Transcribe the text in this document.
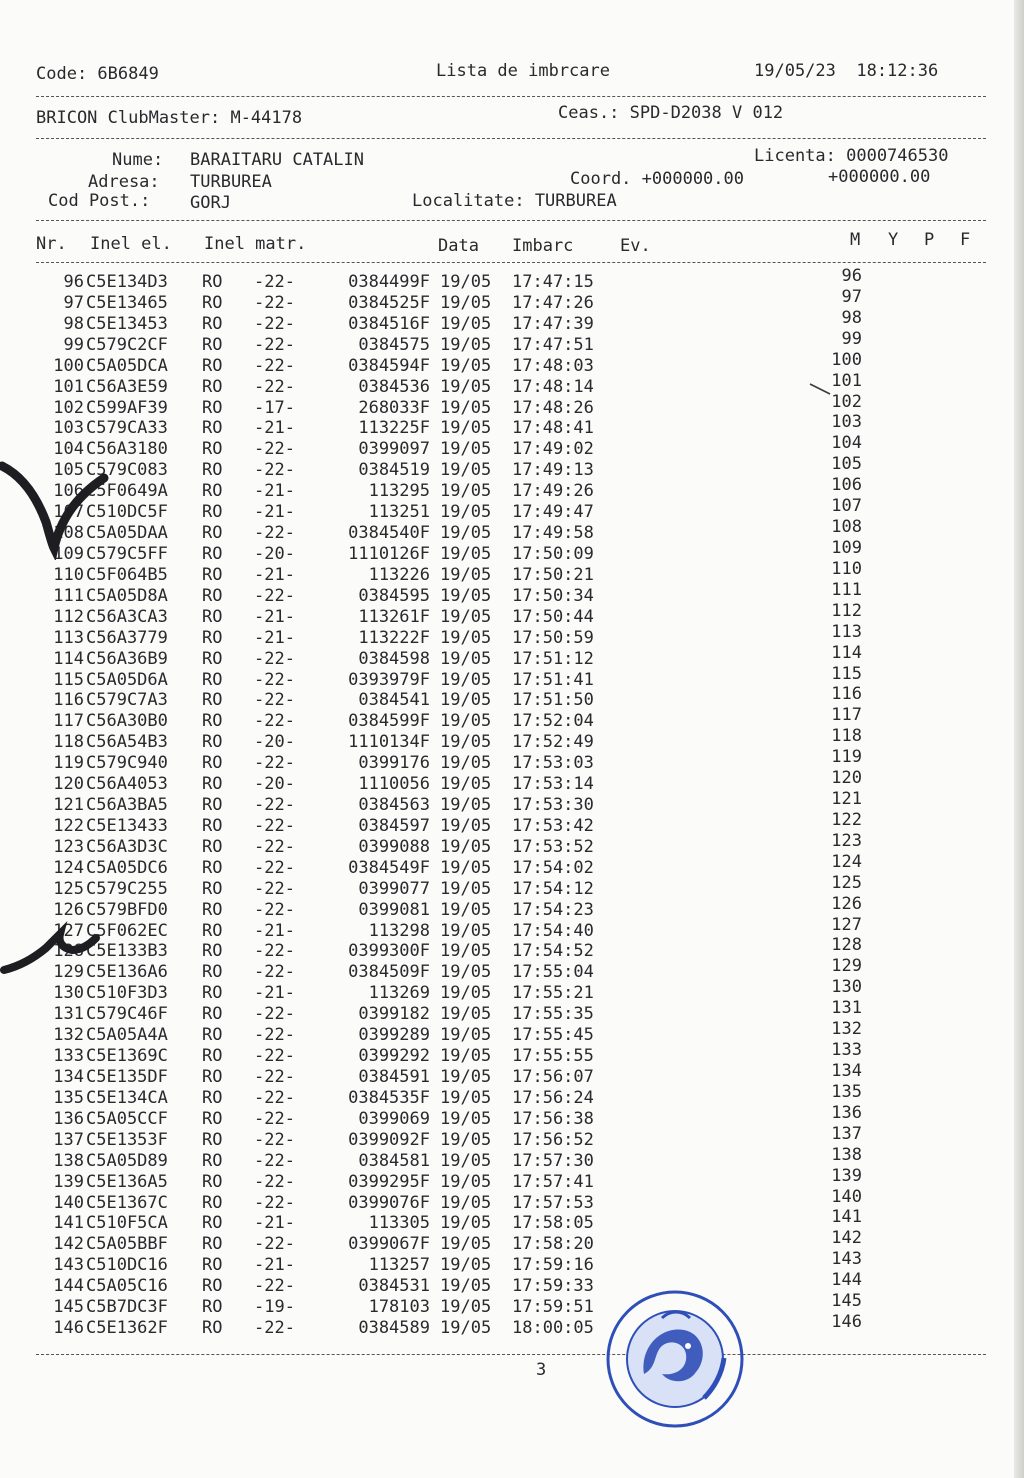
Code: 6B6849	Lista de imbrcare	19/05/23  18:12:36
BRICON ClubMaster: M-44178	Ceas.: SPD-D2038 V 012
Nume: BARAITARU CATALIN	Licenta: 0000746530
Adresa: TURBUREA	Coord. +000000.00	+000000.00
Cod Post.: GORJ	Localitate: TURBUREA
Nr. Inel el. Inel matr.	Data Imbarc	Ev.	M Y P F
96 C5E134D3 RO -22-	0384499F 19/05 17:47:15	96
97 C5E13465 RO -22-	0384525F 19/05 17:47:26	97
98 C5E13453 RO -22-	0384516F 19/05 17:47:39	98
99 C579C2CF RO -22-	0384575 19/05 17:47:51	99
100 C5A05DCA RO -22-	0384594F 19/05 17:48:03	100
101 C56A3E59 RO -22-	0384536 19/05 17:48:14	101
102 C599AF39 RO -17-	268033F 19/05 17:48:26	102
103 C579CA33 RO -21-	113225F 19/05 17:48:41	103
104 C56A3180 RO -22-	0399097 19/05 17:49:02	104
105 C579C083 RO -22-	0384519 19/05 17:49:13	105
106 C5F0649A RO -21-	113295 19/05 17:49:26	106
107 C510DC5F RO -21-	113251 19/05 17:49:47	107
108 C5A05DAA RO -22-	0384540F 19/05 17:49:58	108
109 C579C5FF RO -20-	1110126F 19/05 17:50:09	109
110 C5F064B5 RO -21-	113226 19/05 17:50:21	110
111 C5A05D8A RO -22-	0384595 19/05 17:50:34	111
112 C56A3CA3 RO -21-	113261F 19/05 17:50:44	112
113 C56A3779 RO -21-	113222F 19/05 17:50:59	113
114 C56A36B9 RO -22-	0384598 19/05 17:51:12	114
115 C5A05D6A RO -22-	0393979F 19/05 17:51:41	115
116 C579C7A3 RO -22-	0384541 19/05 17:51:50	116
117 C56A30B0 RO -22-	0384599F 19/05 17:52:04	117
118 C56A54B3 RO -20-	1110134F 19/05 17:52:49	118
119 C579C940 RO -22-	0399176 19/05 17:53:03	119
120 C56A4053 RO -20-	1110056 19/05 17:53:14	120
121 C56A3BA5 RO -22-	0384563 19/05 17:53:30	121
122 C5E13433 RO -22-	0384597 19/05 17:53:42	122
123 C56A3D3C RO -22-	0399088 19/05 17:53:52	123
124 C5A05DC6 RO -22-	0384549F 19/05 17:54:02	124
125 C579C255 RO -22-	0399077 19/05 17:54:12	125
126 C579BFD0 RO -22-	0399081 19/05 17:54:23	126
127 C5F062EC RO -21-	113298 19/05 17:54:40	127
128 C5E133B3 RO -22-	0399300F 19/05 17:54:52	128
129 C5E136A6 RO -22-	0384509F 19/05 17:55:04	129
130 C510F3D3 RO -21-	113269 19/05 17:55:21	130
131 C579C46F RO -22-	0399182 19/05 17:55:35	131
132 C5A05A4A RO -22-	0399289 19/05 17:55:45	132
133 C5E1369C RO -22-	0399292 19/05 17:55:55	133
134 C5E135DF RO -22-	0384591 19/05 17:56:07	134
135 C5E134CA RO -22-	0384535F 19/05 17:56:24	135
136 C5A05CCF RO -22-	0399069 19/05 17:56:38	136
137 C5E1353F RO -22-	0399092F 19/05 17:56:52	137
138 C5A05D89 RO -22-	0384581 19/05 17:57:30	138
139 C5E136A5 RO -22-	0399295F 19/05 17:57:41	139
140 C5E1367C RO -22-	0399076F 19/05 17:57:53	140
141 C510F5CA RO -21-	113305 19/05 17:58:05	141
142 C5A05BBF RO -22-	0399067F 19/05 17:58:20	142
143 C510DC16 RO -21-	113257 19/05 17:59:16	143
144 C5A05C16 RO -22-	0384531 19/05 17:59:33	144
145 C5B7DC3F RO -19-	178103 19/05 17:59:51	145
146 C5E1362F RO -22-	0384589 19/05 18:00:05	146
3
